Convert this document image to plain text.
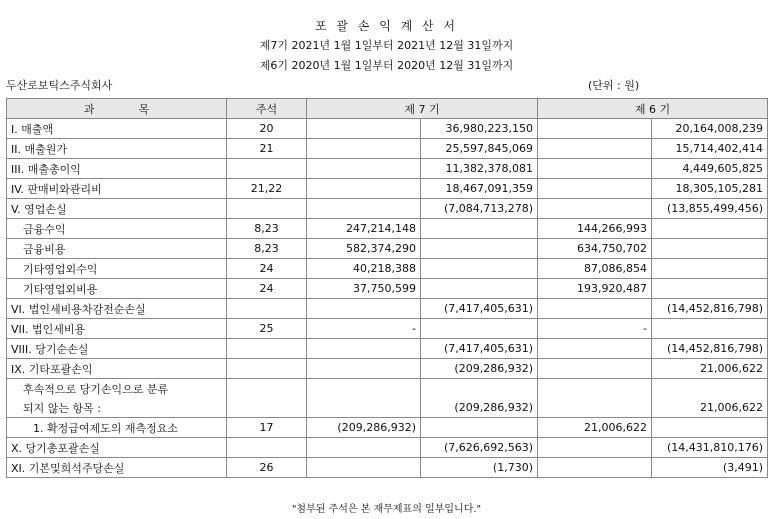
포 괄 손 익 계 산 서
제7기 2021년 1월 1일부터 2021년 12월 31일까지
제6기 2020년 1월 1일부터 2020년 12월 31일까지
두산로보틱스주식회사	(단위 : 원)
과　　　　목	주석	제 7 기		제 6 기	
I. 매출액	20		36,980,223,150		20,164,008,239
II. 매출원가	21		25,597,845,069		15,714,402,414
III. 매출총이익			11,382,378,081		4,449,605,825
IV. 판매비와관리비	21,22		18,467,091,359		18,305,105,281
V. 영업손실			(7,084,713,278)		(13,855,499,456)
금융수익	8,23	247,214,148		144,266,993	
금융비용	8,23	582,374,290		634,750,702	
기타영업외수익	24	40,218,388		87,086,854	
기타영업외비용	24	37,750,599		193,920,487	
VI. 법인세비용차감전순손실			(7,417,405,631)		(14,452,816,798)
VII. 법인세비용	25	-		-	
VIII. 당기순손실			(7,417,405,631)		(14,452,816,798)
IX. 기타포괄손익			(209,286,932)		21,006,622
후속적으로 당기손익으로 분류					
되지 않는 항목 :			(209,286,932)		21,006,622
1. 확정급여제도의 재측정요소	17	(209,286,932)		21,006,622	
X. 당기총포괄손실			(7,626,692,563)		(14,431,810,176)
XI. 기본및희석주당손실	26		(1,730)		(3,491)
"첨부된 주석은 본 재무제표의 일부입니다."
